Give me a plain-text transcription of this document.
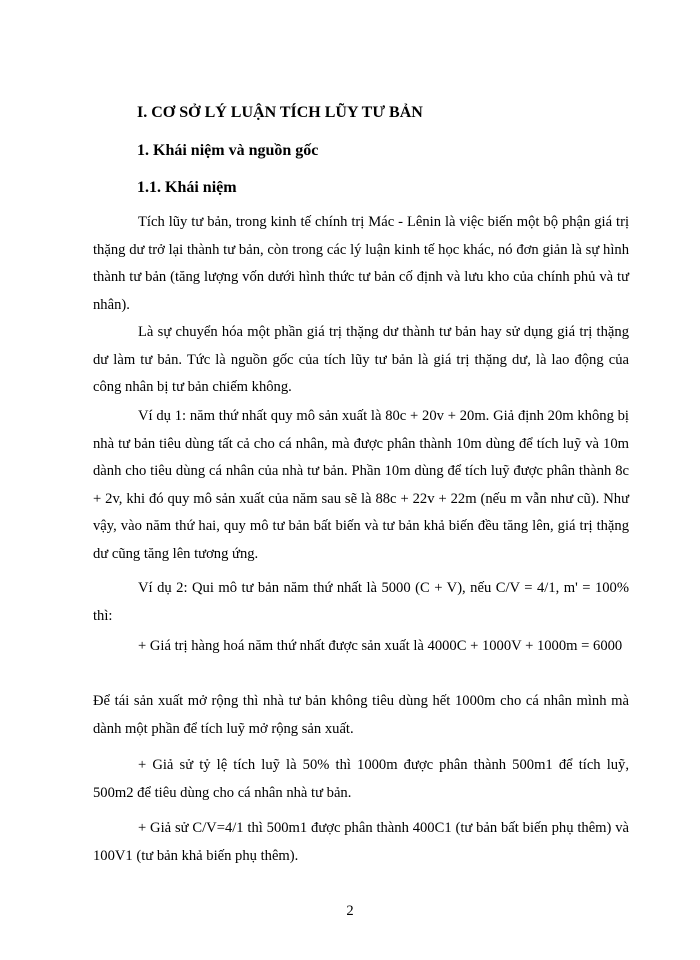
I. CƠ SỞ LÝ LUẬN TÍCH LŨY TƯ BẢN
1. Khái niệm và nguồn gốc
1.1. Khái niệm

Tích lũy tư bản, trong kinh tế chính trị Mác - Lênin là việc biến một bộ phận giá trị thặng dư trở lại thành tư bản, còn trong các lý luận kinh tế học khác, nó đơn giản là sự hình thành tư bản (tăng lượng vốn dưới hình thức tư bản cố định và lưu kho của chính phủ và tư nhân).

Là sự chuyển hóa một phần giá trị thặng dư thành tư bản hay sử dụng giá trị thặng dư làm tư bản. Tức là nguồn gốc của tích lũy tư bản là giá trị thặng dư, là lao động của công nhân bị tư bản chiếm không.

Ví dụ 1: năm thứ nhất quy mô sản xuất là 80c + 20v + 20m. Giả định 20m không bị nhà tư bản tiêu dùng tất cả cho cá nhân, mà được phân thành 10m dùng để tích luỹ và 10m dành cho tiêu dùng cá nhân của nhà tư bản. Phần 10m dùng để tích luỹ được phân thành 8c + 2v, khi đó quy mô sản xuất của năm sau sẽ là 88c + 22v + 22m (nếu m vẫn như cũ). Như vậy, vào năm thứ hai, quy mô tư bản bất biến và tư bản khả biến đều tăng lên, giá trị thặng dư cũng tăng lên tương ứng.

Ví dụ 2: Qui mô tư bản năm thứ nhất là 5000 (C + V), nếu C/V = 4/1, m' = 100% thì:

+ Giá trị hàng hoá năm thứ nhất được sản xuất là 4000C + 1000V + 1000m = 6000

Để tái sản xuất mở rộng thì nhà tư bản không tiêu dùng hết 1000m cho cá nhân mình mà dành một phần để tích luỹ mở rộng sản xuất.

+ Giả sử tỷ lệ tích luỹ là 50% thì 1000m được phân thành 500m1 để tích luỹ, 500m2 để tiêu dùng cho cá nhân nhà tư bản.

+ Giả sử C/V=4/1 thì 500m1 được phân thành 400C1 (tư bản bất biến phụ thêm) và 100V1 (tư bản khả biến phụ thêm).

2
